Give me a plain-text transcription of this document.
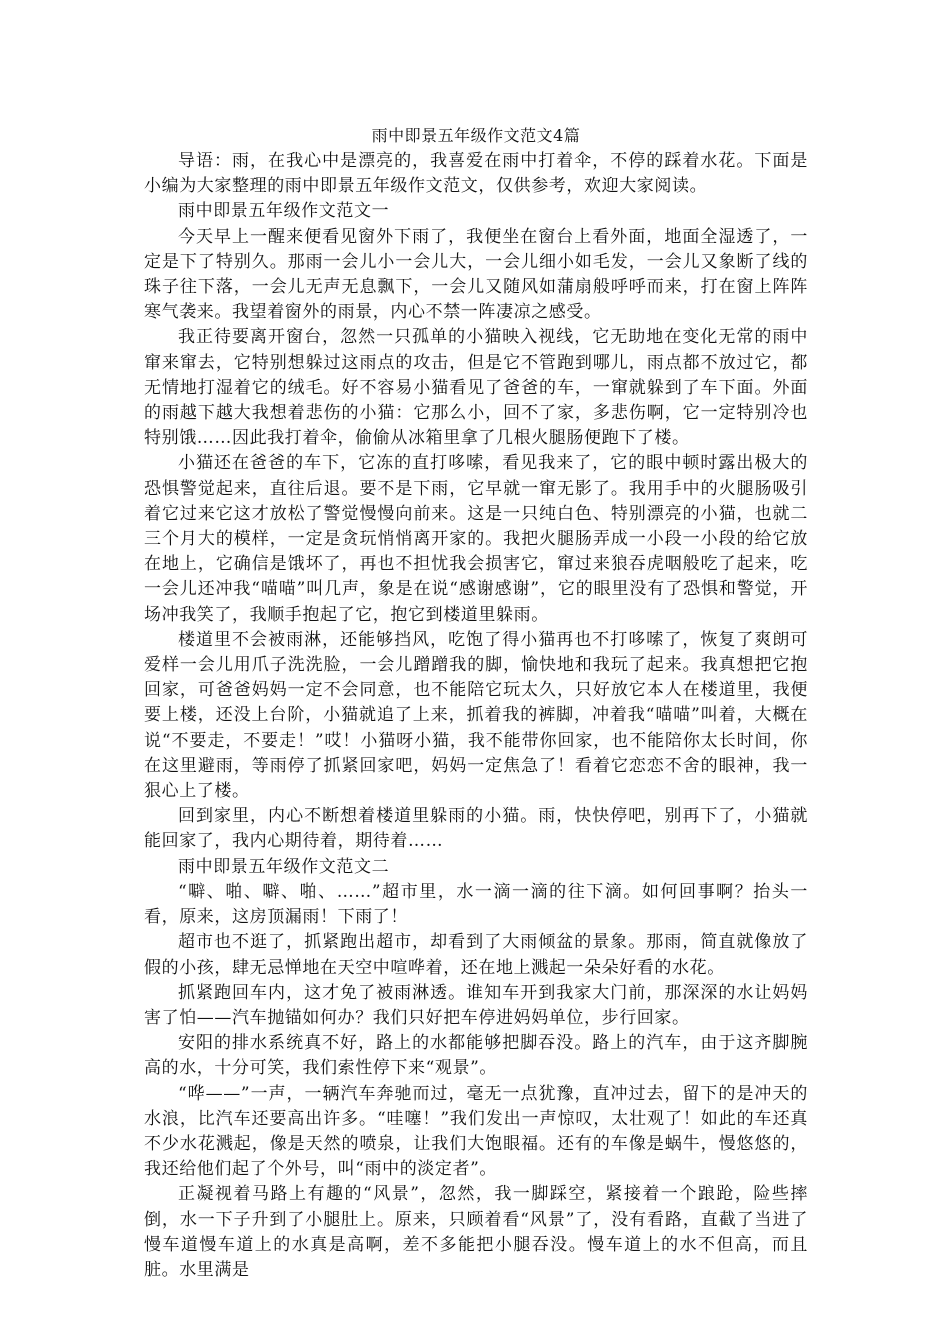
雨中即景五年级作文范文4篇

导语：雨，在我心中是漂亮的，我喜爱在雨中打着伞，不停的踩着水花。下面是小编为大家整理的雨中即景五年级作文范文，仅供参考，欢迎大家阅读。

雨中即景五年级作文范文一

今天早上一醒来便看见窗外下雨了，我便坐在窗台上看外面，地面全湿透了，一定是下了特别久。那雨一会儿小一会儿大，一会儿细小如毛发，一会儿又象断了线的珠子往下落，一会儿无声无息飘下，一会儿又随风如蒲扇般呼呼而来，打在窗上阵阵寒气袭来。我望着窗外的雨景，内心不禁一阵凄凉之感受。

我正待要离开窗台，忽然一只孤单的小猫映入视线，它无助地在变化无常的雨中窜来窜去，它特别想躲过这雨点的攻击，但是它不管跑到哪儿，雨点都不放过它，都无情地打湿着它的绒毛。好不容易小猫看见了爸爸的车，一窜就躲到了车下面。外面的雨越下越大我想着悲伤的小猫：它那么小，回不了家，多悲伤啊，它一定特别冷也特别饿……因此我打着伞，偷偷从冰箱里拿了几根火腿肠便跑下了楼。

小猫还在爸爸的车下，它冻的直打哆嗦，看见我来了，它的眼中顿时露出极大的恐惧警觉起来，直往后退。要不是下雨，它早就一窜无影了。我用手中的火腿肠吸引着它过来它这才放松了警觉慢慢向前来。这是一只纯白色、特别漂亮的小猫，也就二三个月大的模样，一定是贪玩悄悄离开家的。我把火腿肠弄成一小段一小段的给它放在地上，它确信是饿坏了，再也不担忧我会损害它，窜过来狼吞虎咽般吃了起来，吃一会儿还冲我“喵喵”叫几声，象是在说“感谢感谢”，它的眼里没有了恐惧和警觉，开场冲我笑了，我顺手抱起了它，抱它到楼道里躲雨。

楼道里不会被雨淋，还能够挡风，吃饱了得小猫再也不打哆嗦了，恢复了爽朗可爱样一会儿用爪子洗洗脸，一会儿蹭蹭我的脚，愉快地和我玩了起来。我真想把它抱回家，可爸爸妈妈一定不会同意，也不能陪它玩太久，只好放它本人在楼道里，我便要上楼，还没上台阶，小猫就追了上来，抓着我的裤脚，冲着我“喵喵”叫着，大概在说“不要走，不要走！”哎！小猫呀小猫，我不能带你回家，也不能陪你太长时间，你在这里避雨，等雨停了抓紧回家吧，妈妈一定焦急了！看着它恋恋不舍的眼神，我一狠心上了楼。

回到家里，内心不断想着楼道里躲雨的小猫。雨，快快停吧，别再下了，小猫就能回家了，我内心期待着，期待着……

雨中即景五年级作文范文二

“噼、啪、噼、啪、……”超市里，水一滴一滴的往下滴。如何回事啊？抬头一看，原来，这房顶漏雨！下雨了！

超市也不逛了，抓紧跑出超市，却看到了大雨倾盆的景象。那雨，简直就像放了假的小孩，肆无忌惮地在天空中喧哗着，还在地上溅起一朵朵好看的水花。

抓紧跑回车内，这才免了被雨淋透。谁知车开到我家大门前，那深深的水让妈妈害了怕——汽车抛锚如何办？我们只好把车停进妈妈单位，步行回家。

安阳的排水系统真不好，路上的水都能够把脚吞没。路上的汽车，由于这齐脚腕高的水，十分可笑，我们索性停下来“观景”。

“哗——”一声，一辆汽车奔驰而过，毫无一点犹豫，直冲过去，留下的是冲天的水浪，比汽车还要高出许多。“哇噻！”我们发出一声惊叹，太壮观了！如此的车还真不少水花溅起，像是天然的喷泉，让我们大饱眼福。还有的车像是蜗牛，慢悠悠的，我还给他们起了个外号，叫“雨中的淡定者”。

正凝视着马路上有趣的“风景”，忽然，我一脚踩空，紧接着一个踉跄，险些摔倒，水一下子升到了小腿肚上。原来，只顾着看“风景”了，没有看路，直截了当进了慢车道慢车道上的水真是高啊，差不多能把小腿吞没。慢车道上的水不但高，而且脏。水里满是
